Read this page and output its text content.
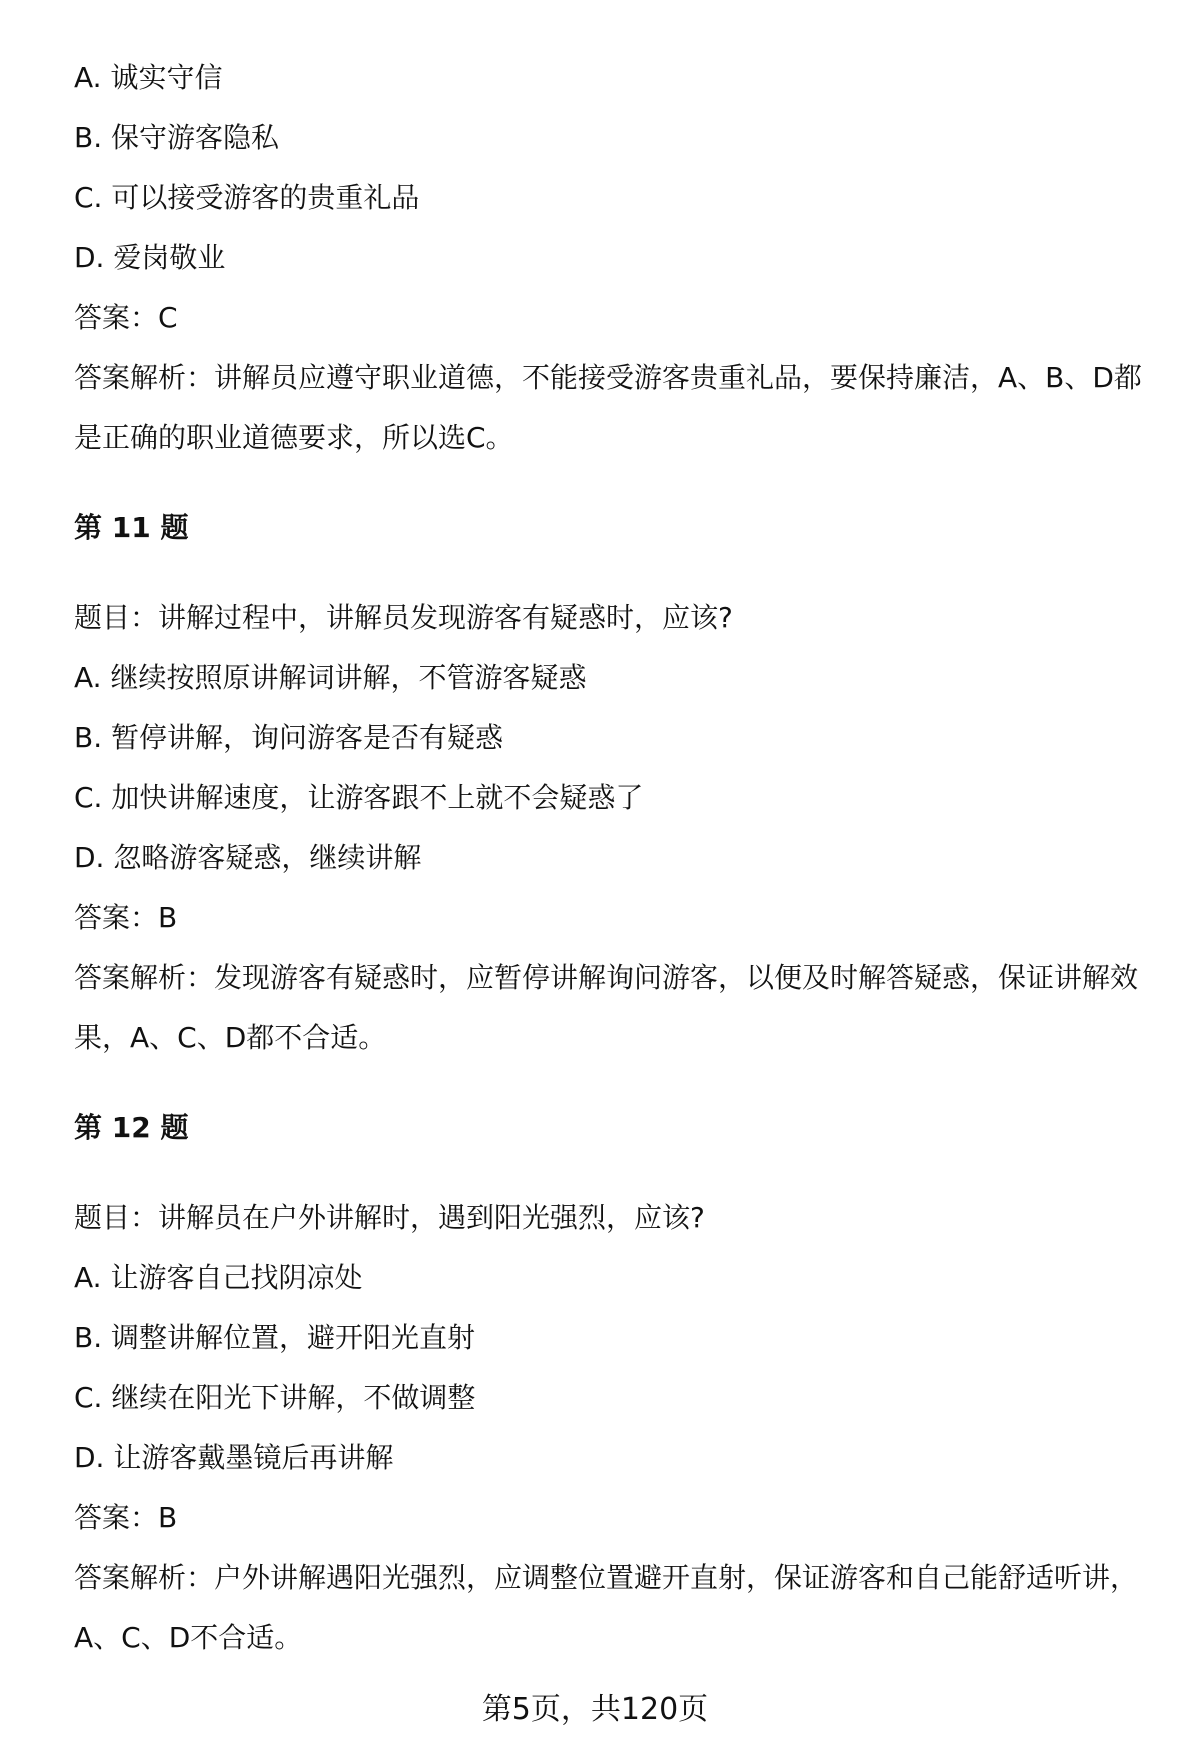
A. 诚实守信
B. 保守游客隐私
C. 可以接受游客的贵重礼品
D. 爱岗敬业
答案：C
答案解析：讲解员应遵守职业道德，不能接受游客贵重礼品，要保持廉洁，A、B、D都是正确的职业道德要求，所以选C。
第 11 题
题目：讲解过程中，讲解员发现游客有疑惑时，应该?
A. 继续按照原讲解词讲解，不管游客疑惑
B. 暂停讲解，询问游客是否有疑惑
C. 加快讲解速度，让游客跟不上就不会疑惑了
D. 忽略游客疑惑，继续讲解
答案：B
答案解析：发现游客有疑惑时，应暂停讲解询问游客，以便及时解答疑惑，保证讲解效果，A、C、D都不合适。
第 12 题
题目：讲解员在户外讲解时，遇到阳光强烈，应该?
A. 让游客自己找阴凉处
B. 调整讲解位置，避开阳光直射
C. 继续在阳光下讲解，不做调整
D. 让游客戴墨镜后再讲解
答案：B
答案解析：户外讲解遇阳光强烈，应调整位置避开直射，保证游客和自己能舒适听讲，A、C、D不合适。
第5页，共120页
